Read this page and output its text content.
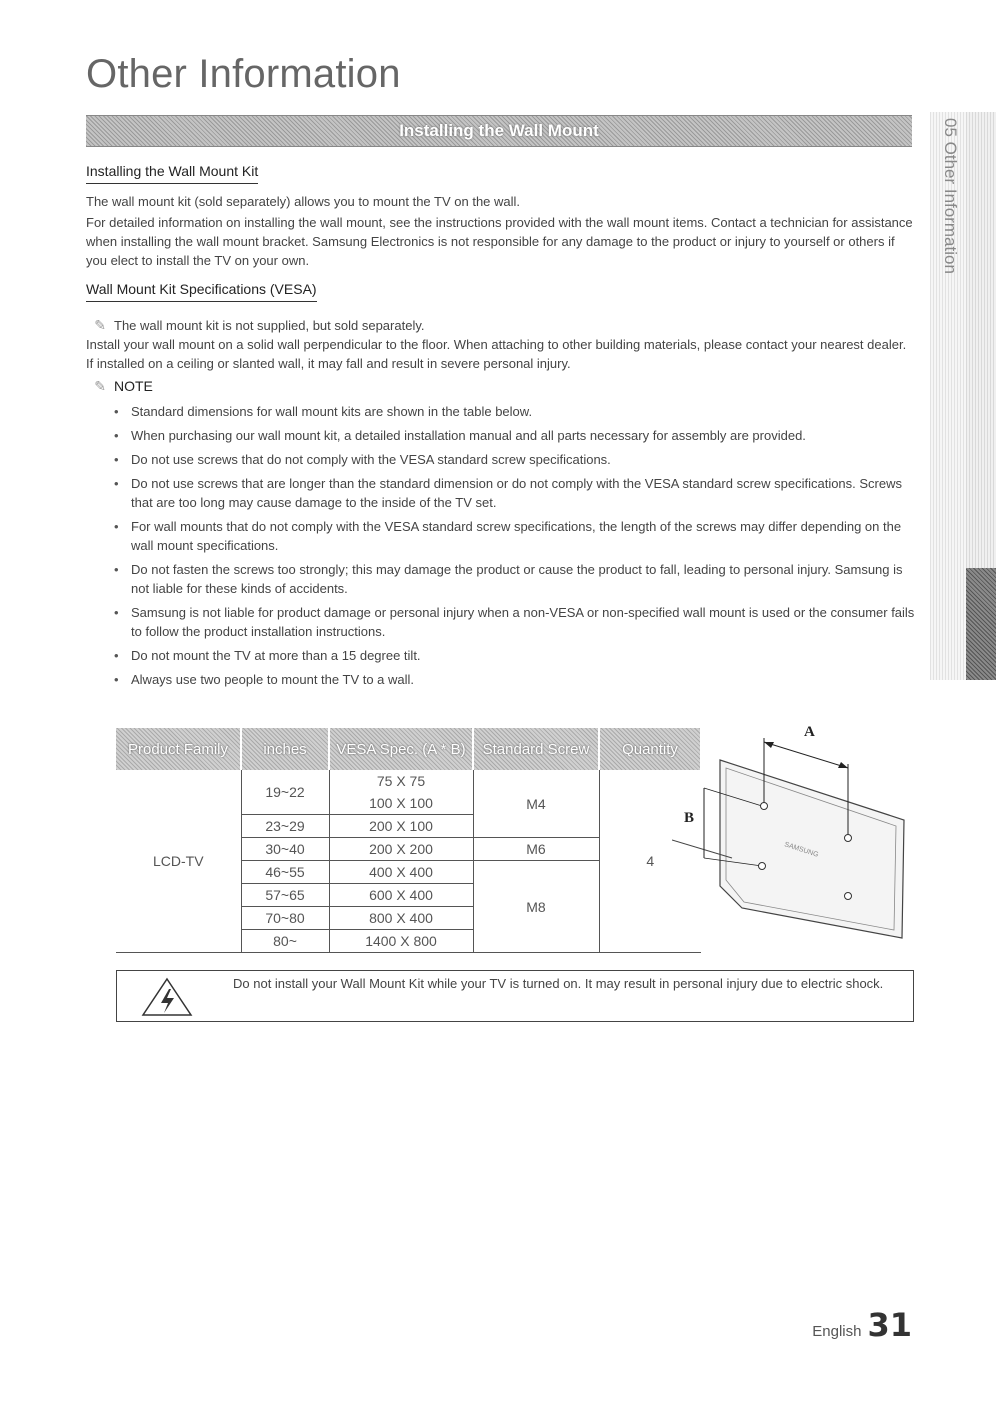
Other Information
Installing the Wall Mount	05 Other Information
Installing the Wall Mount Kit

The wall mount kit (sold separately) allows you to mount the TV on the wall.

For detailed information on installing the wall mount, see the instructions provided with the wall mount items. Contact a technician for assistance when installing the wall mount bracket. Samsung Electronics is not responsible for any damage to the product or injury to yourself or others if you elect to install the TV on your own.

Wall Mount Kit Specifications (VESA)
✎ The wall mount kit is not supplied, but sold separately.

Install your wall mount on a solid wall perpendicular to the floor. When attaching to other building materials, please contact your nearest dealer. If installed on a ceiling or slanted wall, it may fall and result in severe personal injury.

✎ NOTE
• Standard dimensions for wall mount kits are shown in the table below.
• When purchasing our wall mount kit, a detailed installation manual and all parts necessary for assembly are provided.
• Do not use screws that do not comply with the VESA standard screw specifications.
• Do not use screws that are longer than the standard dimension or do not comply with the VESA standard screw specifications. Screws that are too long may cause damage to the inside of the TV set.
• For wall mounts that do not comply with the VESA standard screw specifications, the length of the screws may differ depending on the wall mount specifications.
• Do not fasten the screws too strongly; this may damage the product or cause the product to fall, leading to personal injury. Samsung is not liable for these kinds of accidents.
• Samsung is not liable for product damage or personal injury when a non-VESA or non-specified wall mount is used or the consumer fails to follow the product installation instructions.
• Do not mount the TV at more than a 15 degree tilt.
• Always use two people to mount the TV to a wall.
Product Family	inches	VESA Spec. (A * B)	Standard Screw	Quantity
LCD-TV	19~22	75 X 75	M4	4
		100 X 100		
	23~29	200 X 100		
	30~40	200 X 200	M6	
	46~55	400 X 400	M8	
	57~65	600 X 400		
	70~80	800 X 400		
	80~	1400 X 800		
A
B
SAMSUNG
Do not install your Wall Mount Kit while your TV is turned on. It may result in personal injury due to electric shock.
English 31
